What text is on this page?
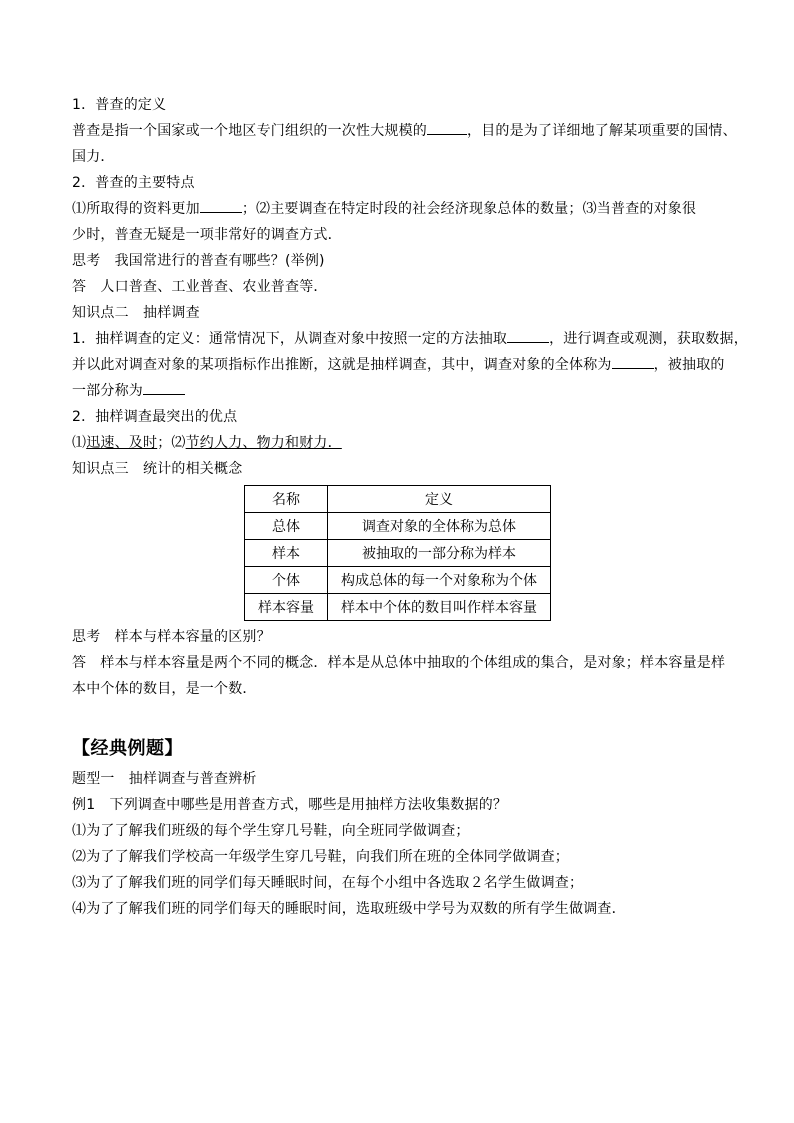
1．普查的定义
普查是指一个国家或一个地区专门组织的一次性大规模的	，目的是为了详细地了解某项重要的国情、
国力．
2．普查的主要特点
⑴所取得的资料更加	；⑵主要调查在特定时段的社会经济现象总体的数量；⑶当普查的对象很
少时，普查无疑是一项非常好的调查方式．
思考　我国常进行的普查有哪些？(举例)
答　人口普查、工业普查、农业普查等．
知识点二　抽样调查
1．抽样调查的定义：通常情况下，从调查对象中按照一定的方法抽取	，进行调查或观测，获取数据，
并以此对调查对象的某项指标作出推断，这就是抽样调查，其中，调查对象的全体称为	，被抽取的
一部分称为
2．抽样调查最突出的优点
⑴迅速、及时；⑵节约人力、物力和财力．
知识点三　统计的相关概念
名称	定义
总体	调查对象的全体称为总体
样本	被抽取的一部分称为样本
个体	构成总体的每一个对象称为个体
样本容量	样本中个体的数目叫作样本容量
思考　样本与样本容量的区别？
答　样本与样本容量是两个不同的概念．样本是从总体中抽取的个体组成的集合，是对象；样本容量是样
本中个体的数目，是一个数．
【经典例题】
题型一　抽样调查与普查辨析
例1　下列调查中哪些是用普查方式，哪些是用抽样方法收集数据的？
⑴为了了解我们班级的每个学生穿几号鞋，向全班同学做调查；
⑵为了了解我们学校高一年级学生穿几号鞋，向我们所在班的全体同学做调查；
⑶为了了解我们班的同学们每天睡眠时间，在每个小组中各选取２名学生做调查；
⑷为了了解我们班的同学们每天的睡眠时间，选取班级中学号为双数的所有学生做调查．
